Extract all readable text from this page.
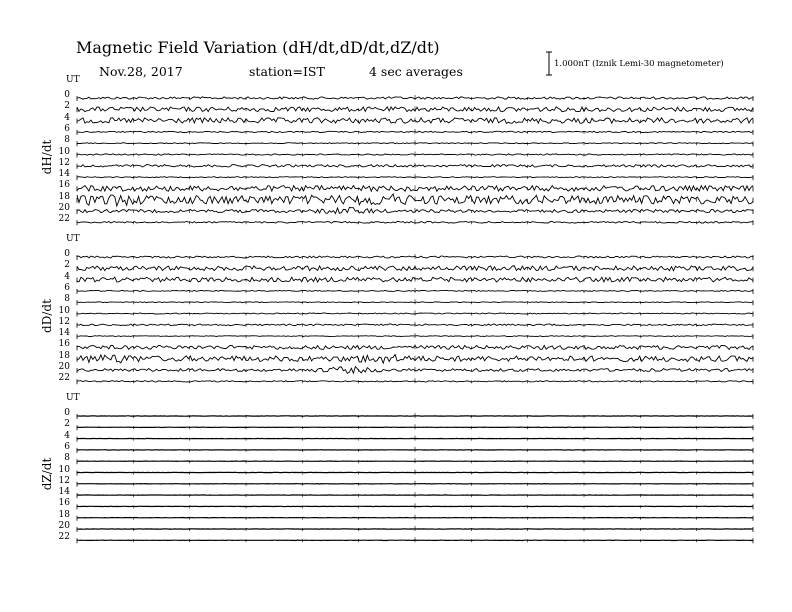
Magnetic Field Variation (dH/dt,dD/dt,dZ/dt)
Nov.28, 2017	station=IST	4 sec averages	1.000nT (Iznik Lemi-30 magnetometer)
UT
UT
UT
dH/dt
dD/dt
dZ/dt
0
2
4
6
8
10
12
14
16
18
20
22
0
2
4
6
8
10
12
14
16
18
20
22
0
2
4
6
8
10
12
14
16
18
20
22
